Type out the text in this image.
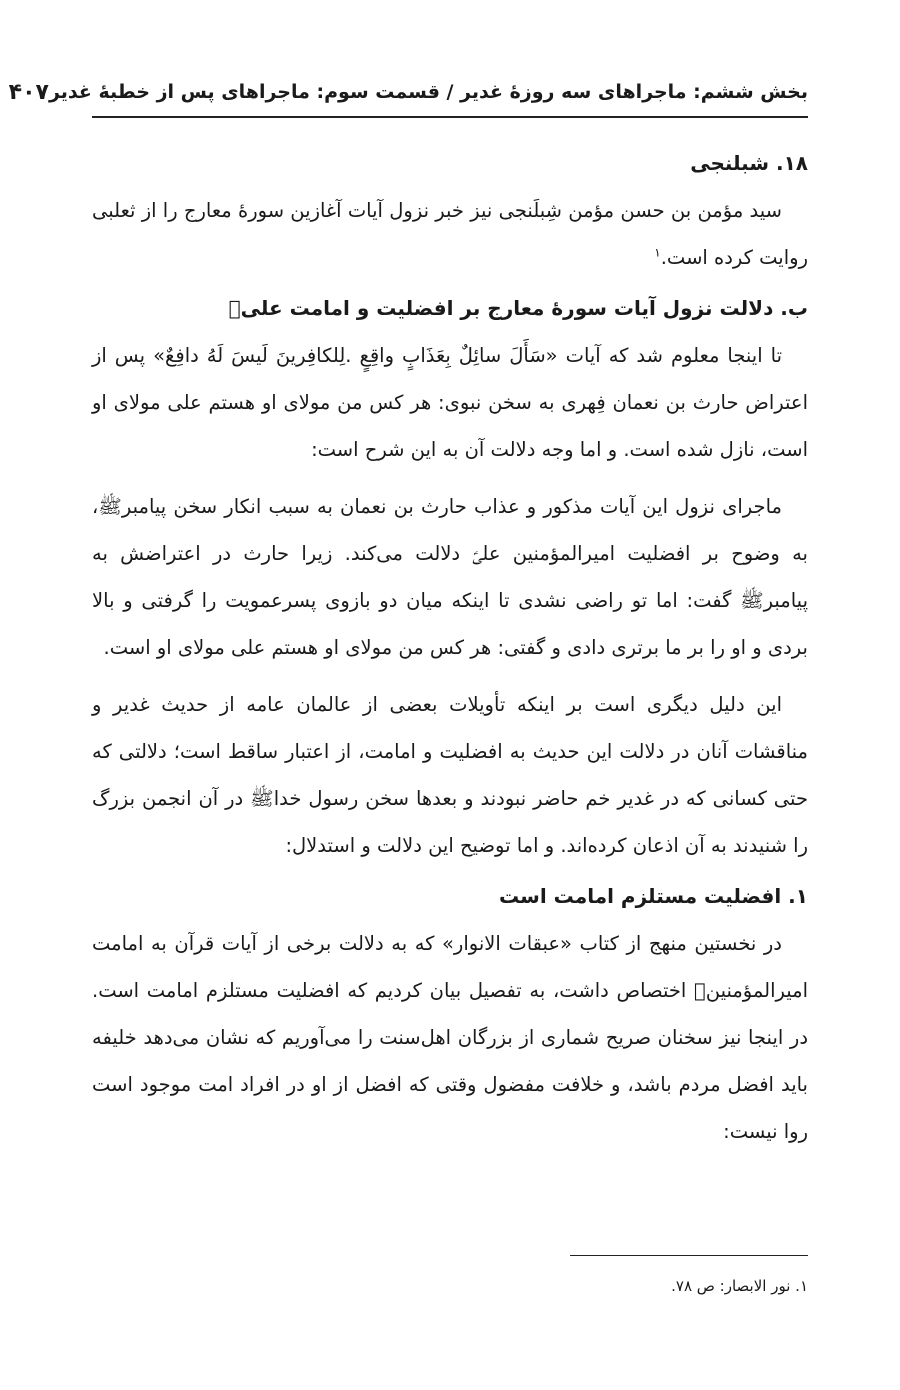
بخش ششم: ماجراهای سه روزهٔ غدیر / قسمت سوم: ماجراهای پس از خطبهٔ غدیر
۴۰۷

۱۸. شبلنجی

سید مؤمن بن حسن مؤمن شِبلَنجی نیز خبر نزول آیات آغازین سورهٔ معارج را از ثعلبی روایت کرده است.$^۱$

ب. دلالت نزول آیات سورهٔ معارج بر افضلیت و امامت علیؑ

تا اینجا معلوم شد که آیات «سَأَلَ سائِلٌ بِعَذَابٍ واقِعٍ .لِلکافِرینَ لَیسَ لَهُ دافِعٌ» پس از اعتراض حارث بن نعمان فِهری به سخن نبوی: هر کس من مولای او هستم علی مولای او است، نازل شده است. و اما وجه دلالت آن به این شرح است:

ماجرای نزول این آیات مذکور و عذاب حارث بن نعمان به سبب انکار سخن پیامبرﷺ، به وضوح بر افضلیت امیرالمؤمنین علیؑ دلالت می‌کند. زیرا حارث در اعتراضش به پیامبرﷺ گفت: اما تو راضی نشدی تا اینکه میان دو بازوی پسرعمویت را گرفتی و بالا بردی و او را بر ما برتری دادی و گفتی: هر کس من مولای او هستم علی مولای او است.

این دلیل دیگری است بر اینکه تأویلات بعضی از عالمان عامه از حدیث غدیر و مناقشات آنان در دلالت این حدیث به افضلیت و امامت، از اعتبار ساقط است؛ دلالتی که حتی کسانی که در غدیر خم حاضر نبودند و بعدها سخن رسول خداﷺ در آن انجمن بزرگ را شنیدند به آن اذعان کرده‌اند. و اما توضیح این دلالت و استدلال:

۱. افضلیت مستلزم امامت است

در نخستین منهج از کتاب «عبقات الانوار» که به دلالت برخی از آیات قرآن به امامت امیرالمؤمنینؑ اختصاص داشت، به تفصیل بیان کردیم که افضلیت مستلزم امامت است. در اینجا نیز سخنان صریح شماری از بزرگان اهل‌سنت را می‌آوریم که نشان می‌دهد خلیفه باید افضل مردم باشد، و خلافت مفضول وقتی که افضل از او در افراد امت موجود است روا نیست:

۱. نور الابصار: ص ۷۸.
